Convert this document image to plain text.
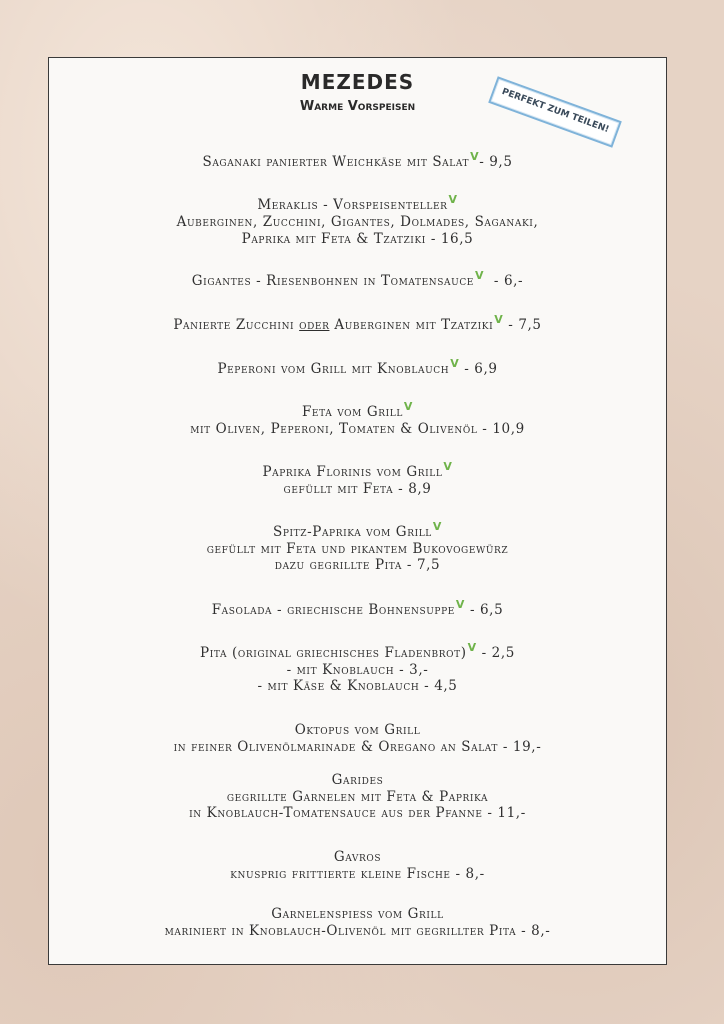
MEZEDES
Warme Vorspeisen	PERFEKT ZUM TEILEN!
Saganaki panierter Weichkäse mit Salat$^V$- 9,5
Meraklis - Vorspeisenteller$^V$
Auberginen, Zucchini, Gigantes, Dolmades, Saganaki,
Paprika mit Feta & Tzatziki - 16,5
Gigantes - Riesenbohnen in Tomatensauce$^V$ - 6,-
Panierte Zucchini oder Auberginen mit Tzatziki$^V$ - 7,5
Peperoni vom Grill mit Knoblauch$^V$ - 6,9
Feta vom Grill$^V$
mit Oliven, Peperoni, Tomaten & Olivenöl - 10,9
Paprika Florinis vom Grill$^V$
gefüllt mit Feta - 8,9
Spitz-Paprika vom Grill$^V$
gefüllt mit Feta und pikantem Bukovogewürz
dazu gegrillte Pita - 7,5
Fasolada - griechische Bohnensuppe$^V$ - 6,5
Pita (original griechisches Fladenbrot)$^V$ - 2,5
- mit Knoblauch - 3,-
- mit Käse & Knoblauch - 4,5
Oktopus vom Grill
in feiner Olivenölmarinade & Oregano an Salat - 19,-
Garides
gegrillte Garnelen mit Feta & Paprika
in Knoblauch-Tomatensauce aus der Pfanne - 11,-
Gavros
knusprig frittierte kleine Fische - 8,-
Garnelenspiess vom Grill
mariniert in Knoblauch-Olivenöl mit gegrillter Pita - 8,-
